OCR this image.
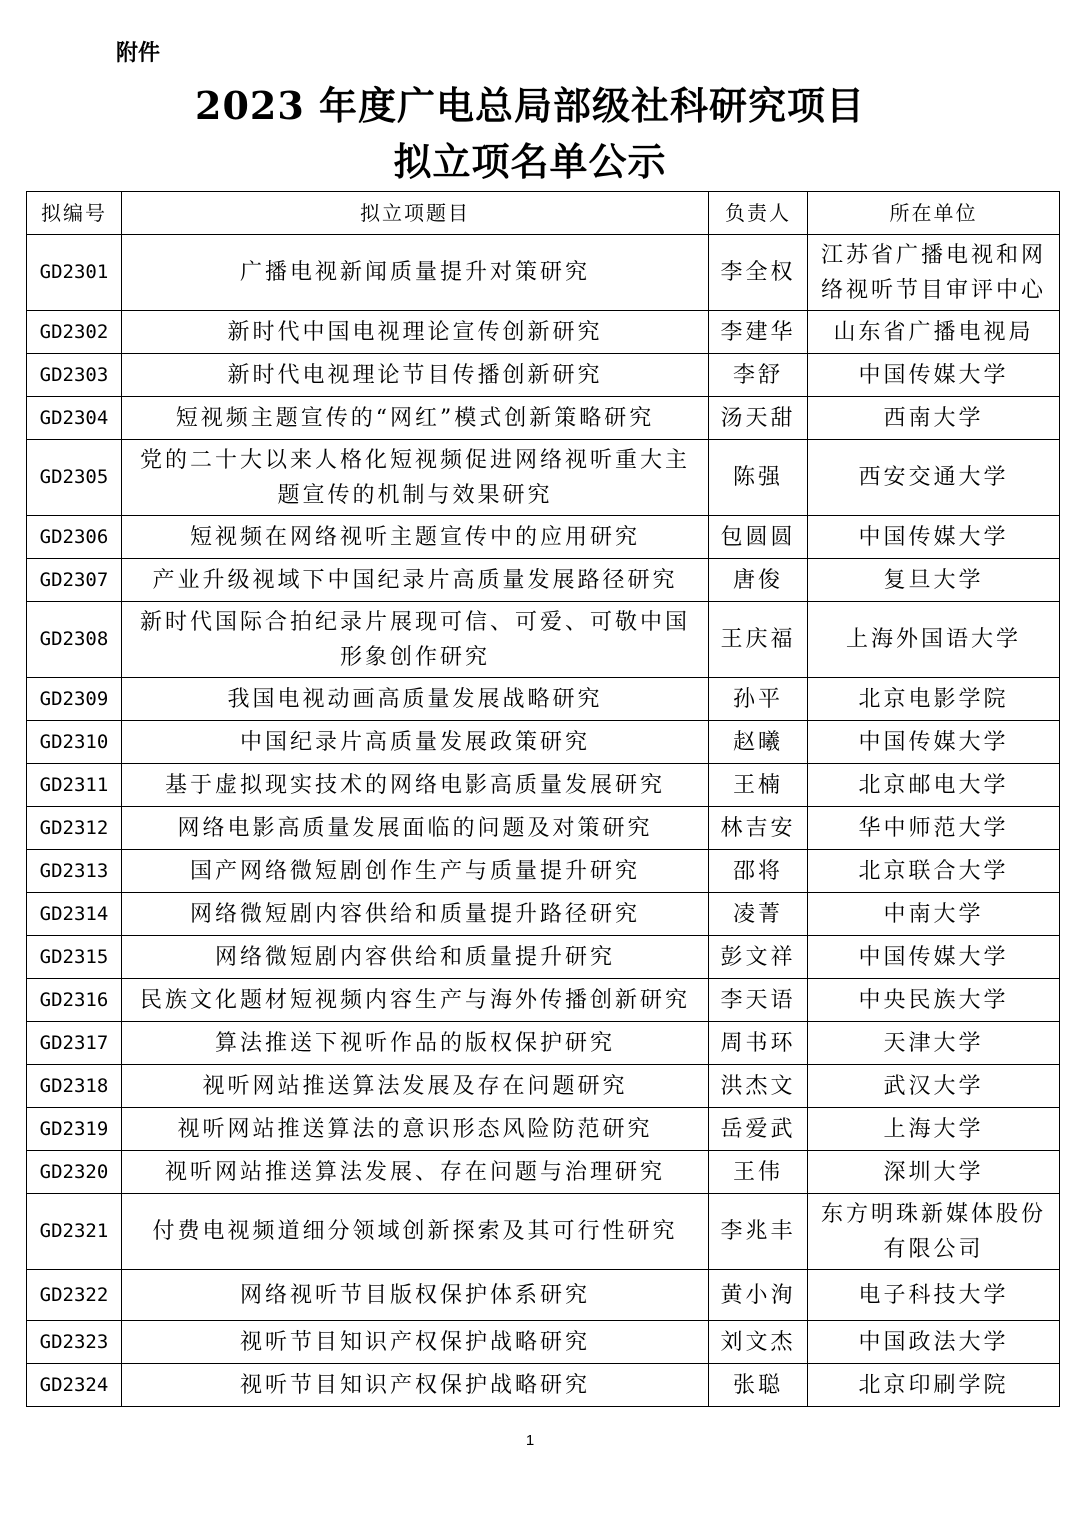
附件
2023 年度广电总局部级社科研究项目
拟立项名单公示
拟编号	拟立项题目	负责人	所在单位
GD2301	广播电视新闻质量提升对策研究	李全权	江苏省广播电视和网络视听节目审评中心
GD2302	新时代中国电视理论宣传创新研究	李建华	山东省广播电视局
GD2303	新时代电视理论节目传播创新研究	李舒	中国传媒大学
GD2304	短视频主题宣传的“网红”模式创新策略研究	汤天甜	西南大学
GD2305	党的二十大以来人格化短视频促进网络视听重大主题宣传的机制与效果研究	陈强	西安交通大学
GD2306	短视频在网络视听主题宣传中的应用研究	包圆圆	中国传媒大学
GD2307	产业升级视域下中国纪录片高质量发展路径研究	唐俊	复旦大学
GD2308	新时代国际合拍纪录片展现可信、可爱、可敬中国形象创作研究	王庆福	上海外国语大学
GD2309	我国电视动画高质量发展战略研究	孙平	北京电影学院
GD2310	中国纪录片高质量发展政策研究	赵曦	中国传媒大学
GD2311	基于虚拟现实技术的网络电影高质量发展研究	王楠	北京邮电大学
GD2312	网络电影高质量发展面临的问题及对策研究	林吉安	华中师范大学
GD2313	国产网络微短剧创作生产与质量提升研究	邵将	北京联合大学
GD2314	网络微短剧内容供给和质量提升路径研究	凌菁	中南大学
GD2315	网络微短剧内容供给和质量提升研究	彭文祥	中国传媒大学
GD2316	民族文化题材短视频内容生产与海外传播创新研究	李天语	中央民族大学
GD2317	算法推送下视听作品的版权保护研究	周书环	天津大学
GD2318	视听网站推送算法发展及存在问题研究	洪杰文	武汉大学
GD2319	视听网站推送算法的意识形态风险防范研究	岳爱武	上海大学
GD2320	视听网站推送算法发展、存在问题与治理研究	王伟	深圳大学
GD2321	付费电视频道细分领域创新探索及其可行性研究	李兆丰	东方明珠新媒体股份有限公司
GD2322	网络视听节目版权保护体系研究	黄小洵	电子科技大学
GD2323	视听节目知识产权保护战略研究	刘文杰	中国政法大学
GD2324	视听节目知识产权保护战略研究	张聪	北京印刷学院
1
